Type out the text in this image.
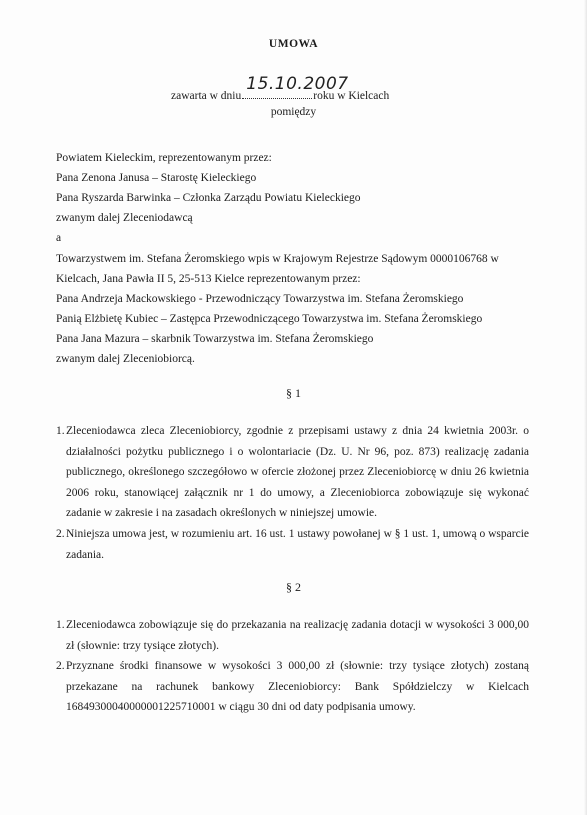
UMOWA
zawarta w dniu
15.10.2007
roku w Kielcach
pomiędzy
Powiatem Kieleckim, reprezentowanym przez:
Pana Zenona Janusa – Starostę Kieleckiego
Pana Ryszarda Barwinka – Członka Zarządu Powiatu Kieleckiego
zwanym dalej Zleceniodawcą
a
Towarzystwem im. Stefana Żeromskiego wpis w Krajowym Rejestrze Sądowym 0000106768 w
Kielcach, Jana Pawła II 5, 25-513 Kielce reprezentowanym przez:
Pana Andrzeja Mackowskiego - Przewodniczący Towarzystwa im. Stefana Żeromskiego
Panią Elżbietę Kubiec – Zastępca Przewodniczącego Towarzystwa im. Stefana Żeromskiego
Pana Jana Mazura – skarbnik Towarzystwa im. Stefana Żeromskiego
zwanym dalej Zleceniobiorcą.
§ 1
1. Zleceniodawca zleca Zleceniobiorcy, zgodnie z przepisami ustawy z dnia 24 kwietnia 2003r. o działalności pożytku publicznego i o wolontariacie (Dz. U. Nr 96, poz. 873) realizację zadania publicznego, określonego szczegółowo w ofercie złożonej przez Zleceniobiorcę w dniu 26 kwietnia 2006 roku, stanowiącej załącznik nr 1 do umowy, a Zleceniobiorca zobowiązuje się wykonać zadanie w zakresie i na zasadach określonych w niniejszej umowie.
2. Niniejsza umowa jest, w rozumieniu art. 16 ust. 1 ustawy powołanej w § 1 ust. 1, umową o wsparcie zadania.
§ 2
1. Zleceniodawca zobowiązuje się do przekazania na realizację zadania dotacji w wysokości 3 000,00 zł (słownie: trzy tysiące złotych).
2. Przyznane środki finansowe w wysokości 3 000,00 zł (słownie: trzy tysiące złotych) zostaną przekazane na rachunek bankowy Zleceniobiorcy: Bank Spółdzielczy w Kielcach 16849300040000001225710001 w ciągu 30 dni od daty podpisania umowy.
